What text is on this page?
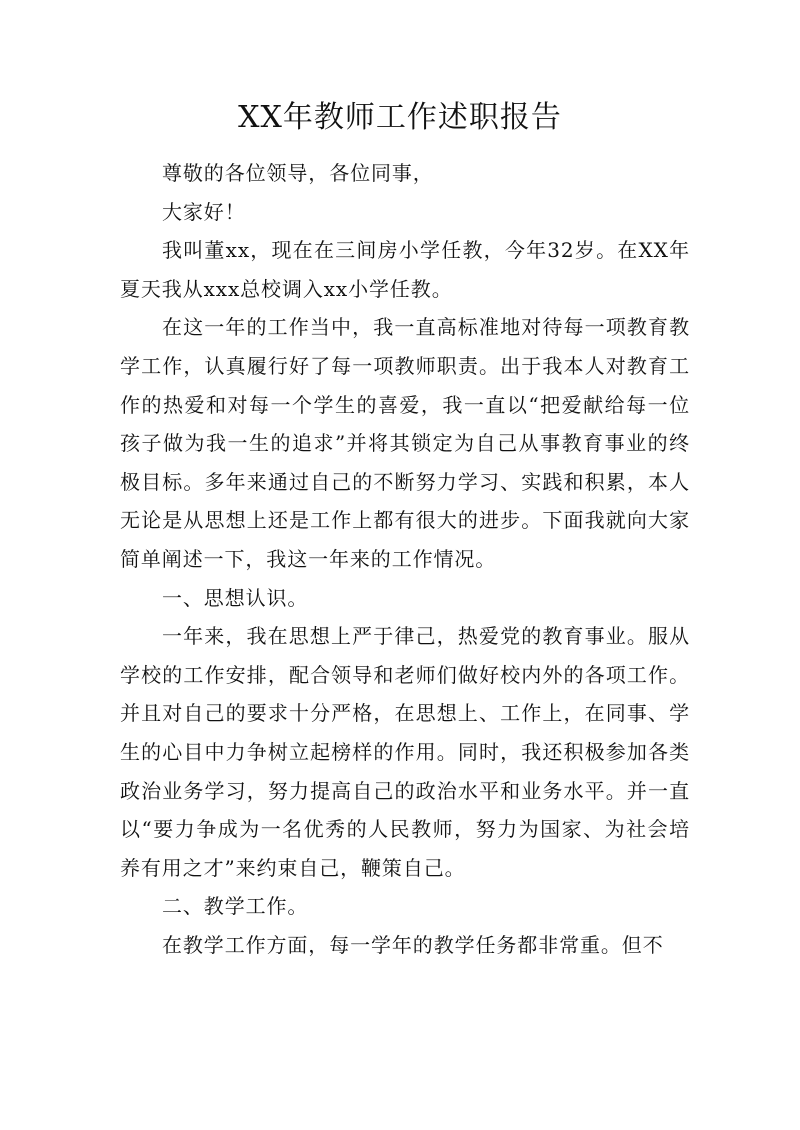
XX年教师工作述职报告

尊敬的各位领导，各位同事，

大家好！

我叫董xx，现在在三间房小学任教，今年32岁。在XX年夏天我从xxx总校调入xx小学任教。

在这一年的工作当中，我一直高标准地对待每一项教育教学工作，认真履行好了每一项教师职责。出于我本人对教育工作的热爱和对每一个学生的喜爱，我一直以“把爱献给每一位孩子做为我一生的追求”并将其锁定为自己从事教育事业的终极目标。多年来通过自己的不断努力学习、实践和积累，本人无论是从思想上还是工作上都有很大的进步。下面我就向大家简单阐述一下，我这一年来的工作情况。

一、思想认识。

一年来，我在思想上严于律己，热爱党的教育事业。服从学校的工作安排，配合领导和老师们做好校内外的各项工作。并且对自己的要求十分严格，在思想上、工作上，在同事、学生的心目中力争树立起榜样的作用。同时，我还积极参加各类政治业务学习，努力提高自己的政治水平和业务水平。并一直以“要力争成为一名优秀的人民教师，努力为国家、为社会培养有用之才”来约束自己，鞭策自己。

二、教学工作。

在教学工作方面，每一学年的教学任务都非常重。但不
